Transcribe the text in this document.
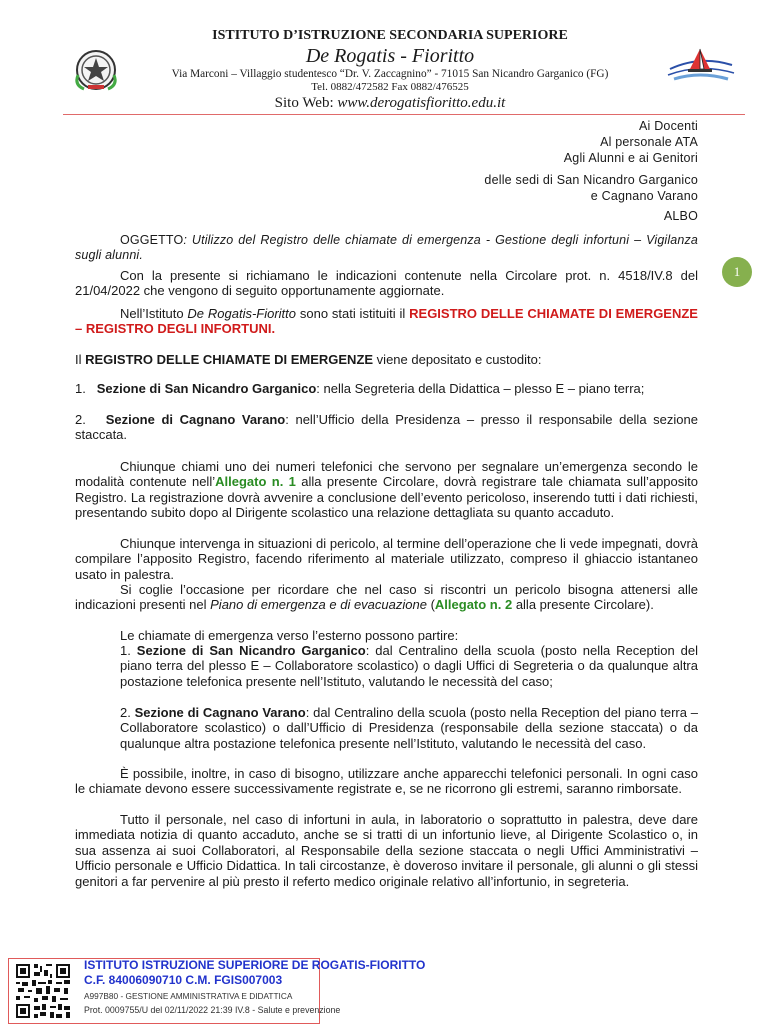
ISTITUTO D’ISTRUZIONE SECONDARIA SUPERIORE
De Rogatis - Fioritto
Via Marconi – Villaggio studentesco “Dr. V. Zaccagnino” - 71015 San Nicandro Garganico (FG)
Tel. 0882/472582 Fax 0882/476525
Sito Web: www.derogatisfioritto.edu.it
Ai Docenti
Al personale ATA
Agli Alunni e ai Genitori
delle sedi di San Nicandro Garganico
e Cagnano Varano
ALBO
OGGETTO: Utilizzo del Registro delle chiamate di emergenza - Gestione degli infortuni – Vigilanza sugli alunni.
1
Con la presente si richiamano le indicazioni contenute nella Circolare prot. n. 4518/IV.8 del 21/04/2022 che vengono di seguito opportunamente aggiornate.
Nell’Istituto De Rogatis-Fioritto sono stati istituiti il REGISTRO DELLE CHIAMATE DI EMERGENZE – REGISTRO DEGLI INFORTUNI.
Il REGISTRO DELLE CHIAMATE DI EMERGENZE viene depositato e custodito:
1. Sezione di San Nicandro Garganico: nella Segreteria della Didattica – plesso E – piano terra;
2. Sezione di Cagnano Varano: nell’Ufficio della Presidenza – presso il responsabile della sezione staccata.
Chiunque chiami uno dei numeri telefonici che servono per segnalare un’emergenza secondo le modalità contenute nell’Allegato n. 1 alla presente Circolare, dovrà registrare tale chiamata sull’apposito Registro. La registrazione dovrà avvenire a conclusione dell’evento pericoloso, inserendo tutti i dati richiesti, presentando subito dopo al Dirigente scolastico una relazione dettagliata su quanto accaduto.
Chiunque intervenga in situazioni di pericolo, al termine dell’operazione che li vede impegnati, dovrà compilare l’apposito Registro, facendo riferimento al materiale utilizzato, compreso il ghiaccio istantaneo usato in palestra.
Si coglie l’occasione per ricordare che nel caso si riscontri un pericolo bisogna attenersi alle indicazioni presenti nel Piano di emergenza e di evacuazione (Allegato n. 2 alla presente Circolare).
Le chiamate di emergenza verso l’esterno possono partire:
1. Sezione di San Nicandro Garganico: dal Centralino della scuola (posto nella Reception del piano terra del plesso E – Collaboratore scolastico) o dagli Uffici di Segreteria o da qualunque altra postazione telefonica presente nell’Istituto, valutando le necessità del caso;
2. Sezione di Cagnano Varano: dal Centralino della scuola (posto nella Reception del piano terra – Collaboratore scolastico) o dall’Ufficio di Presidenza (responsabile della sezione staccata) o da qualunque altra postazione telefonica presente nell’Istituto, valutando le necessità del caso.
È possibile, inoltre, in caso di bisogno, utilizzare anche apparecchi telefonici personali. In ogni caso le chiamate devono essere successivamente registrate e, se ne ricorrono gli estremi, saranno rimborsate.
Tutto il personale, nel caso di infortuni in aula, in laboratorio o soprattutto in palestra, deve dare immediata notizia di quanto accaduto, anche se si tratti di un infortunio lieve, al Dirigente Scolastico o, in sua assenza ai suoi Collaboratori, al Responsabile della sezione staccata o negli Uffici Amministrativi – Ufficio personale e Ufficio Didattica. In tali circostanze, è doveroso invitare il personale, gli alunni o gli stessi genitori a far pervenire al più presto il referto medico originale relativo all’infortunio, in segreteria.
ISTITUTO ISTRUZIONE SUPERIORE DE ROGATIS-FIORITTO
C.F. 84006090710 C.M. FGIS007003
A997B80 - GESTIONE AMMINISTRATIVA E DIDATTICA
Prot. 0009755/U del 02/11/2022 21:39 IV.8 - Salute e prevenzione
